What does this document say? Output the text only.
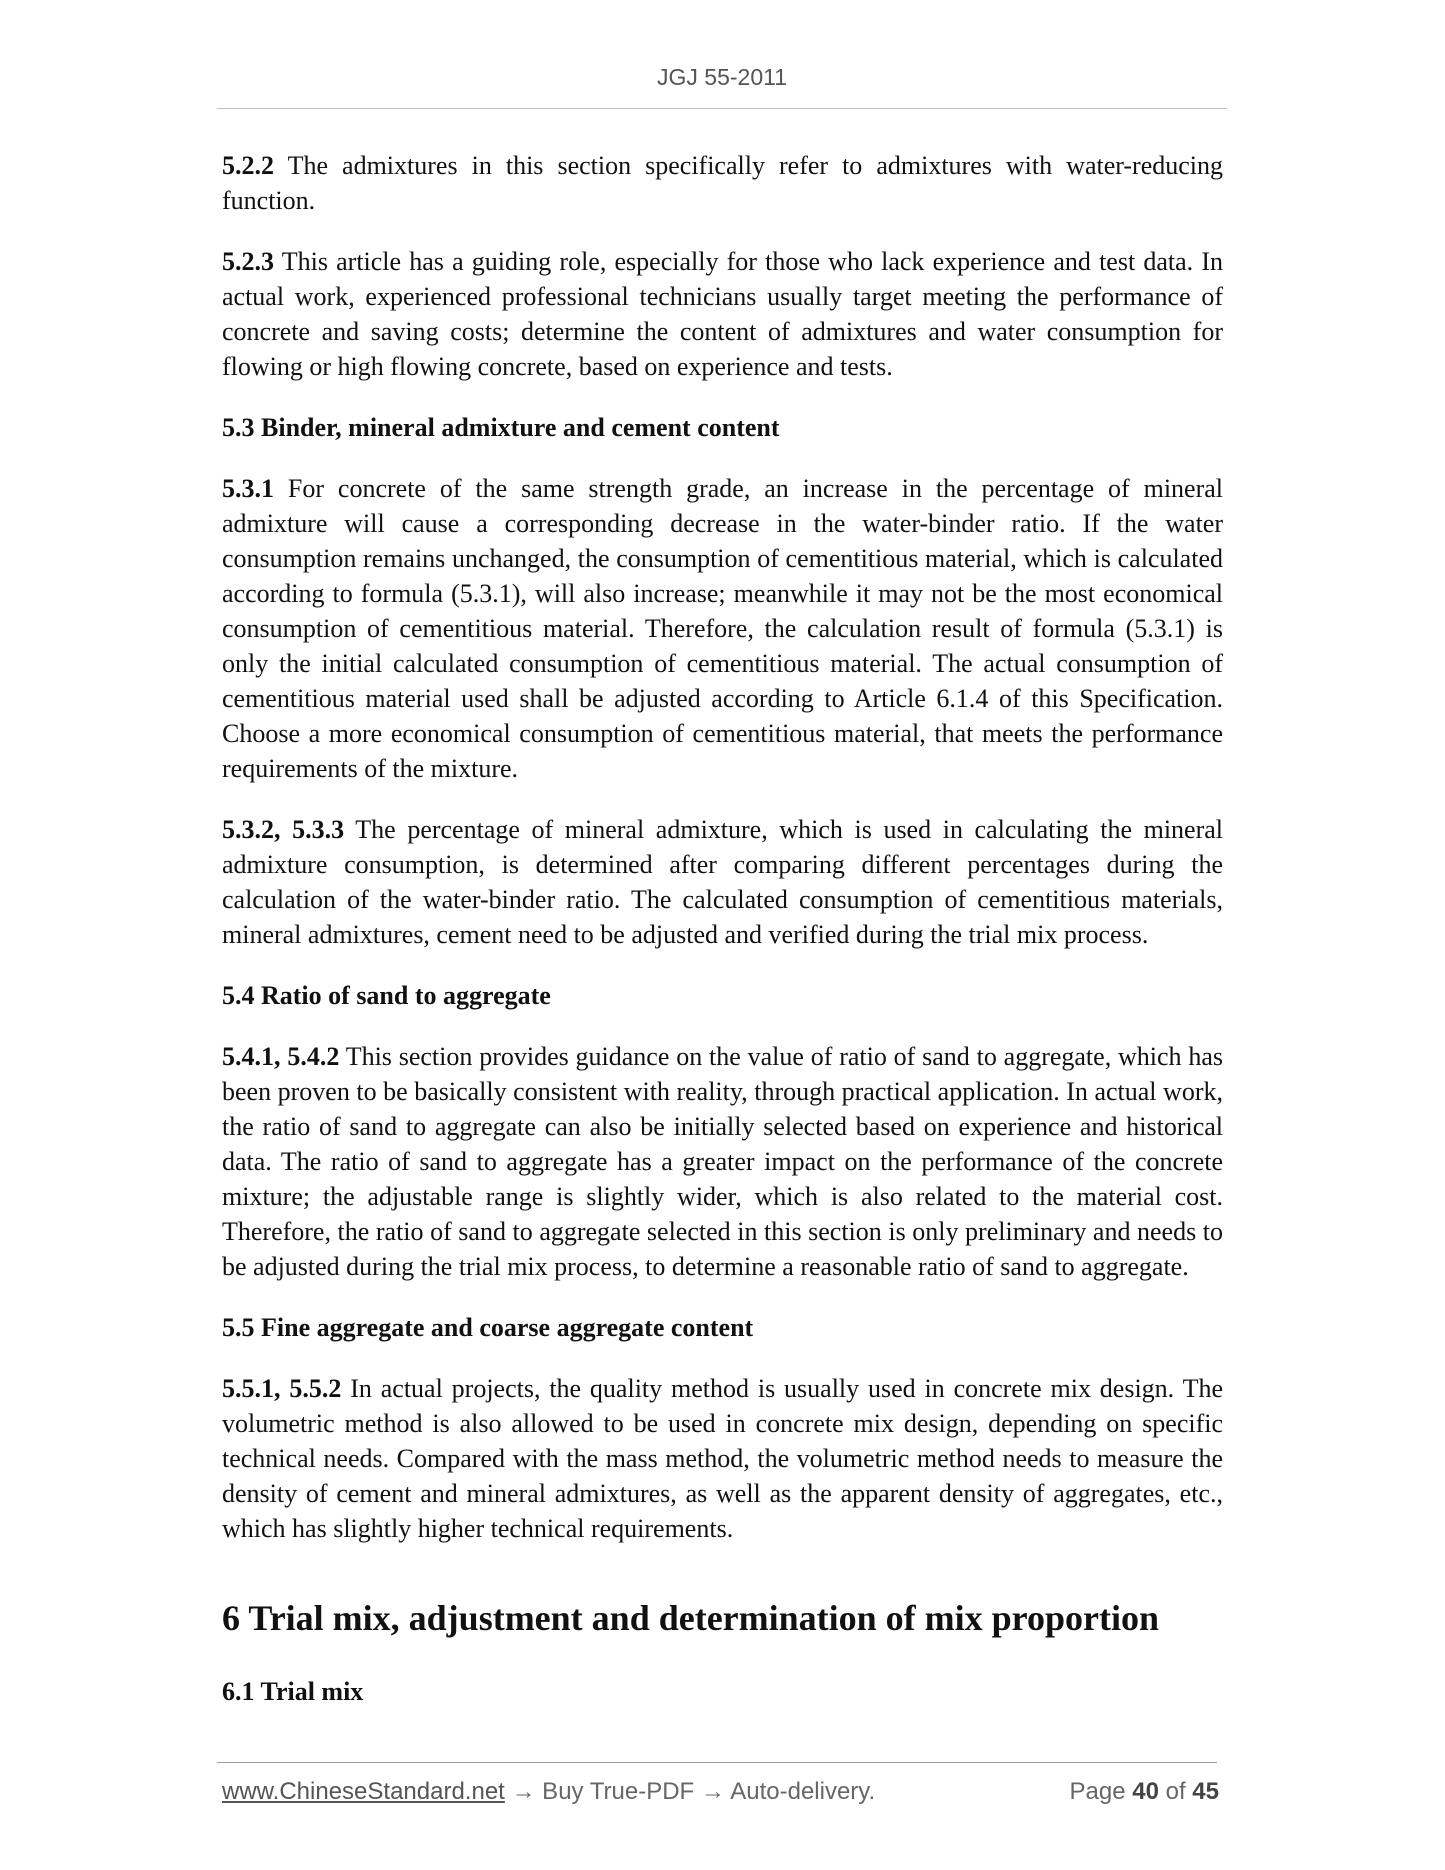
JGJ 55-2011

5.2.2 The admixtures in this section specifically refer to admixtures with water-reducing function.

5.2.3 This article has a guiding role, especially for those who lack experience and test data. In actual work, experienced professional technicians usually target meeting the performance of concrete and saving costs; determine the content of admixtures and water consumption for flowing or high flowing concrete, based on experience and tests.

5.3 Binder, mineral admixture and cement content

5.3.1 For concrete of the same strength grade, an increase in the percentage of mineral admixture will cause a corresponding decrease in the water-binder ratio. If the water consumption remains unchanged, the consumption of cementitious material, which is calculated according to formula (5.3.1), will also increase; meanwhile it may not be the most economical consumption of cementitious material. Therefore, the calculation result of formula (5.3.1) is only the initial calculated consumption of cementitious material. The actual consumption of cementitious material used shall be adjusted according to Article 6.1.4 of this Specification. Choose a more economical consumption of cementitious material, that meets the performance requirements of the mixture.

5.3.2, 5.3.3 The percentage of mineral admixture, which is used in calculating the mineral admixture consumption, is determined after comparing different percentages during the calculation of the water-binder ratio. The calculated consumption of cementitious materials, mineral admixtures, cement need to be adjusted and verified during the trial mix process.

5.4 Ratio of sand to aggregate

5.4.1, 5.4.2 This section provides guidance on the value of ratio of sand to aggregate, which has been proven to be basically consistent with reality, through practical application. In actual work, the ratio of sand to aggregate can also be initially selected based on experience and historical data. The ratio of sand to aggregate has a greater impact on the performance of the concrete mixture; the adjustable range is slightly wider, which is also related to the material cost. Therefore, the ratio of sand to aggregate selected in this section is only preliminary and needs to be adjusted during the trial mix process, to determine a reasonable ratio of sand to aggregate.

5.5 Fine aggregate and coarse aggregate content

5.5.1, 5.5.2 In actual projects, the quality method is usually used in concrete mix design. The volumetric method is also allowed to be used in concrete mix design, depending on specific technical needs. Compared with the mass method, the volumetric method needs to measure the density of cement and mineral admixtures, as well as the apparent density of aggregates, etc., which has slightly higher technical requirements.

6 Trial mix, adjustment and determination of mix proportion
6.1 Trial mix
www.ChineseStandard.net → Buy True-PDF → Auto-delivery.	Page 40 of 45
